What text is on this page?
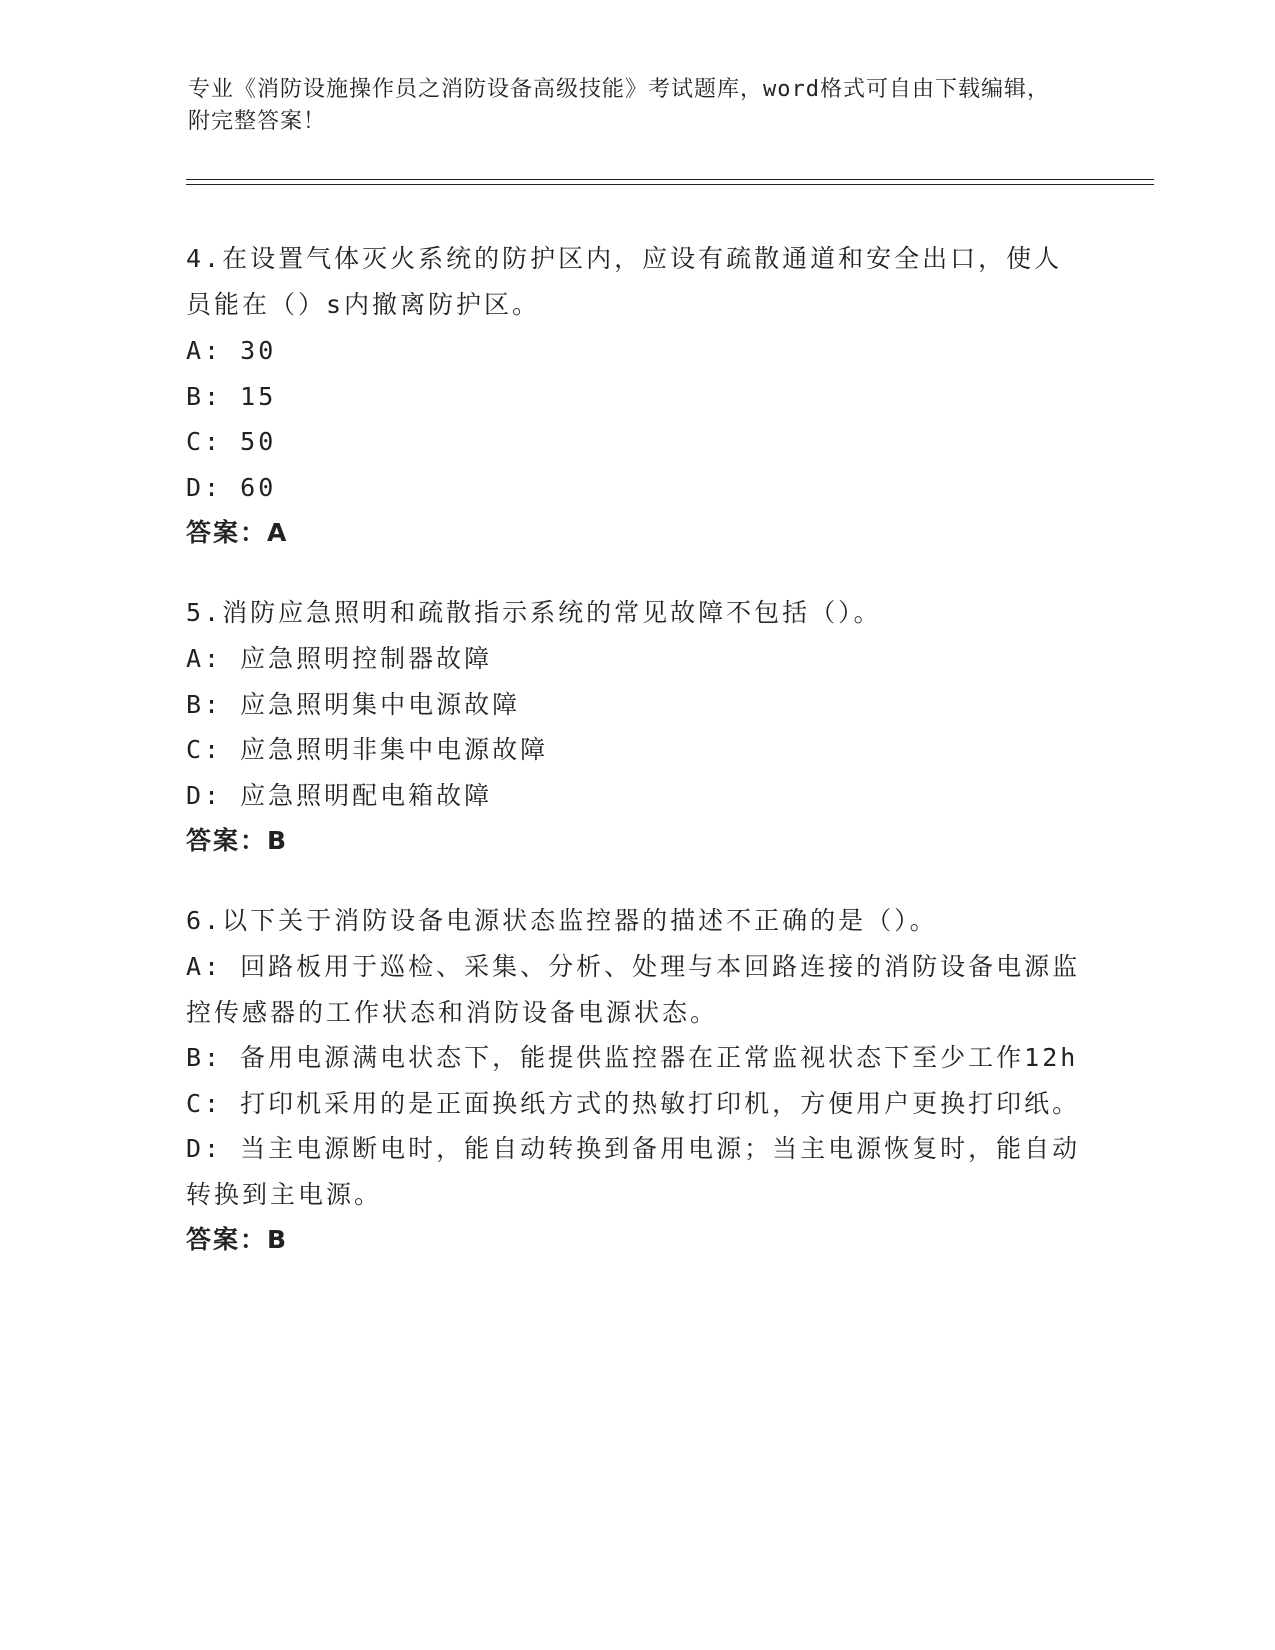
专业《消防设施操作员之消防设备高级技能》考试题库，word格式可自由下载编辑，附完整答案！
4.在设置气体灭火系统的防护区内，应设有疏散通道和安全出口，使人员能在（）s内撤离防护区。
A: 30
B: 15
C: 50
D: 60
答案：A
5.消防应急照明和疏散指示系统的常见故障不包括（）。
A: 应急照明控制器故障
B: 应急照明集中电源故障
C: 应急照明非集中电源故障
D: 应急照明配电箱故障
答案：B
6.以下关于消防设备电源状态监控器的描述不正确的是（）。
A: 回路板用于巡检、采集、分析、处理与本回路连接的消防设备电源监控传感器的工作状态和消防设备电源状态。
B: 备用电源满电状态下，能提供监控器在正常监视状态下至少工作12h
C: 打印机采用的是正面换纸方式的热敏打印机，方便用户更换打印纸。
D: 当主电源断电时，能自动转换到备用电源；当主电源恢复时，能自动转换到主电源。
答案：B
